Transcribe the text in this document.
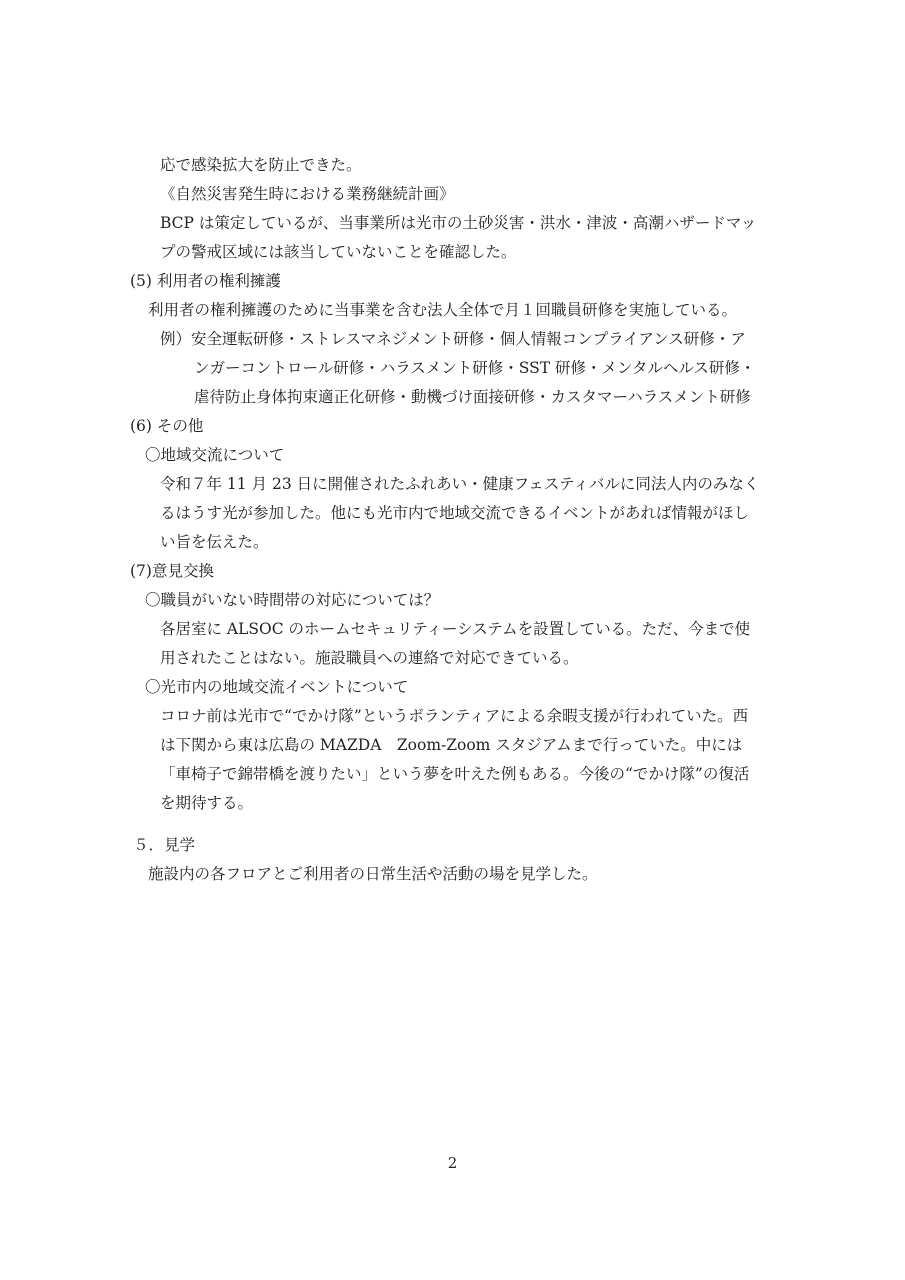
応で感染拡大を防止できた。
《自然災害発生時における業務継続計画》
BCP は策定しているが、当事業所は光市の土砂災害・洪水・津波・高潮ハザードマッ
プの警戒区域には該当していないことを確認した。
(5) 利用者の権利擁護
利用者の権利擁護のために当事業を含む法人全体で月１回職員研修を実施している。
例）安全運転研修・ストレスマネジメント研修・個人情報コンプライアンス研修・ア
ンガーコントロール研修・ハラスメント研修・SST 研修・メンタルヘルス研修・
虐待防止身体拘束適正化研修・動機づけ面接研修・カスタマーハラスメント研修
(6) その他
〇地域交流について
令和７年 11 月 23 日に開催されたふれあい・健康フェスティバルに同法人内のみなく
るはうす光が参加した。他にも光市内で地域交流できるイベントがあれば情報がほし
い旨を伝えた。
(7)意見交換
〇職員がいない時間帯の対応については？
各居室に ALSOC のホームセキュリティーシステムを設置している。ただ、今まで使
用されたことはない。施設職員への連絡で対応できている。
〇光市内の地域交流イベントについて
コロナ前は光市で“でかけ隊”というボランティアによる余暇支援が行われていた。西
は下関から東は広島の MAZDA　Zoom-Zoom スタジアムまで行っていた。中には
「車椅子で錦帯橋を渡りたい」という夢を叶えた例もある。今後の“でかけ隊”の復活
を期待する。
５．見学
施設内の各フロアとご利用者の日常生活や活動の場を見学した。
2
